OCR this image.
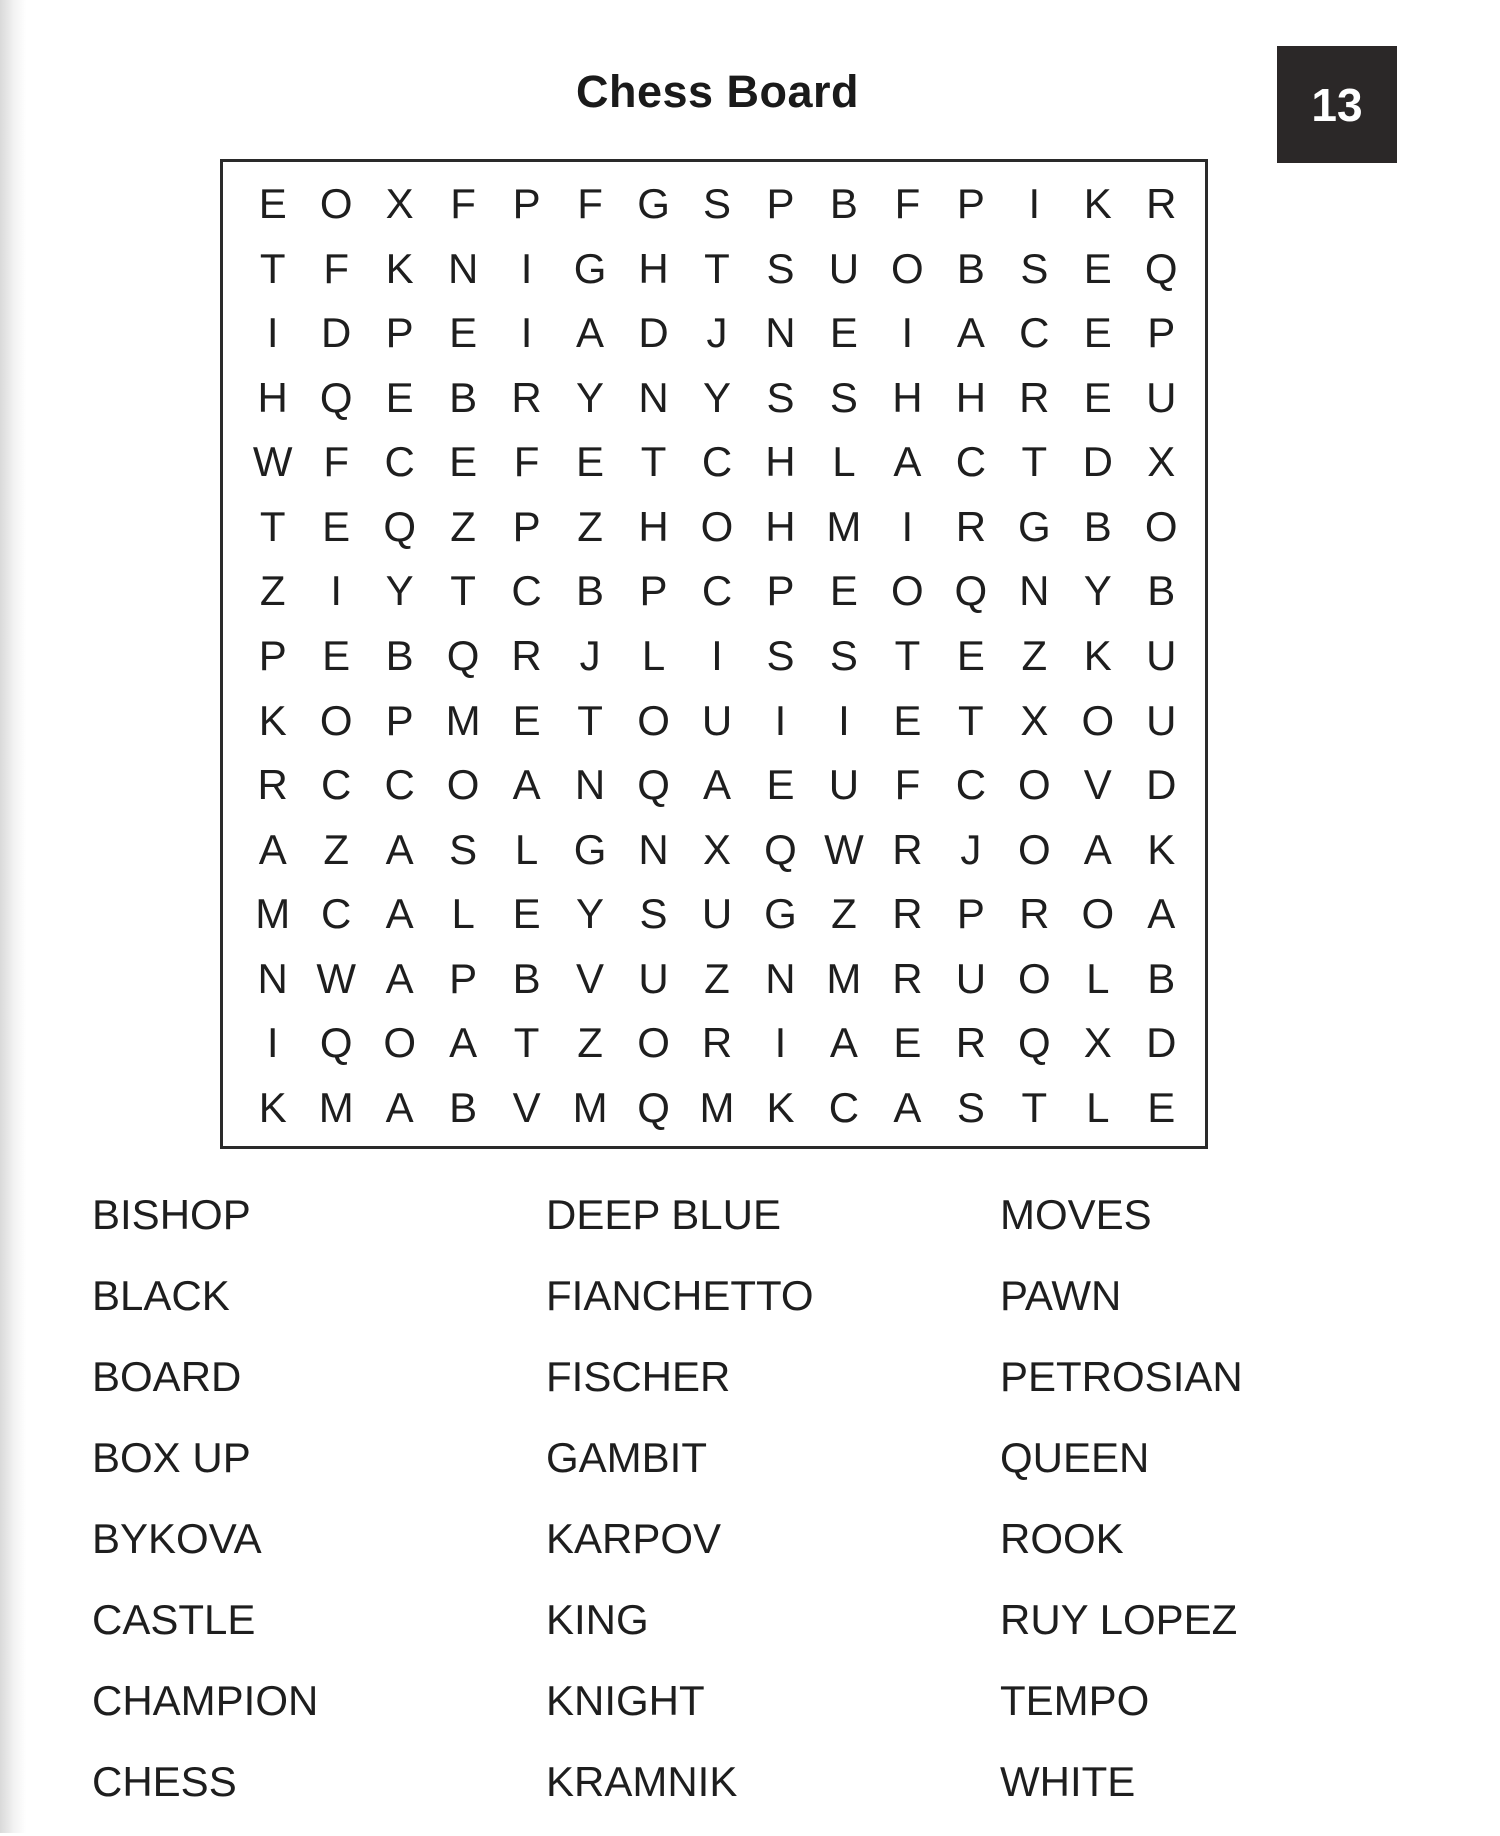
Chess Board	13
E O X F P F G S P B F P	I	K R
T F K N	I G H T S U O B S E Q
I	D P E	I	A D J N E	I	A C E P
H Q E B R Y N Y S S H H R E U
W F C E F E T C H L A C T D X
T E Q Z P Z H O H M I	R G B O
Z	I	Y T C B P C P E O Q N Y B
P E B Q R J L	I	S S T E Z K U
K O P M E T O U	I	I	E T X O U
R C C O A N Q A E U F C O V D
A Z A S L G N X Q W R J O A K
M C A L E Y S U G Z R P R O A
N W A P B V U Z N M R U O L B
I Q O A T Z O R	I	A E R Q X D
K M A B V M Q M K C A S T L E
BISHOP
BLACK
BOARD
BOX UP
BYKOVA
CASTLE
CHAMPION
CHESS
DEEP BLUE
FIANCHETTO
FISCHER
GAMBIT
KARPOV
KING
KNIGHT
KRAMNIK
MOVES
PAWN
PETROSIAN
QUEEN
ROOK
RUY LOPEZ
TEMPO
WHITE
